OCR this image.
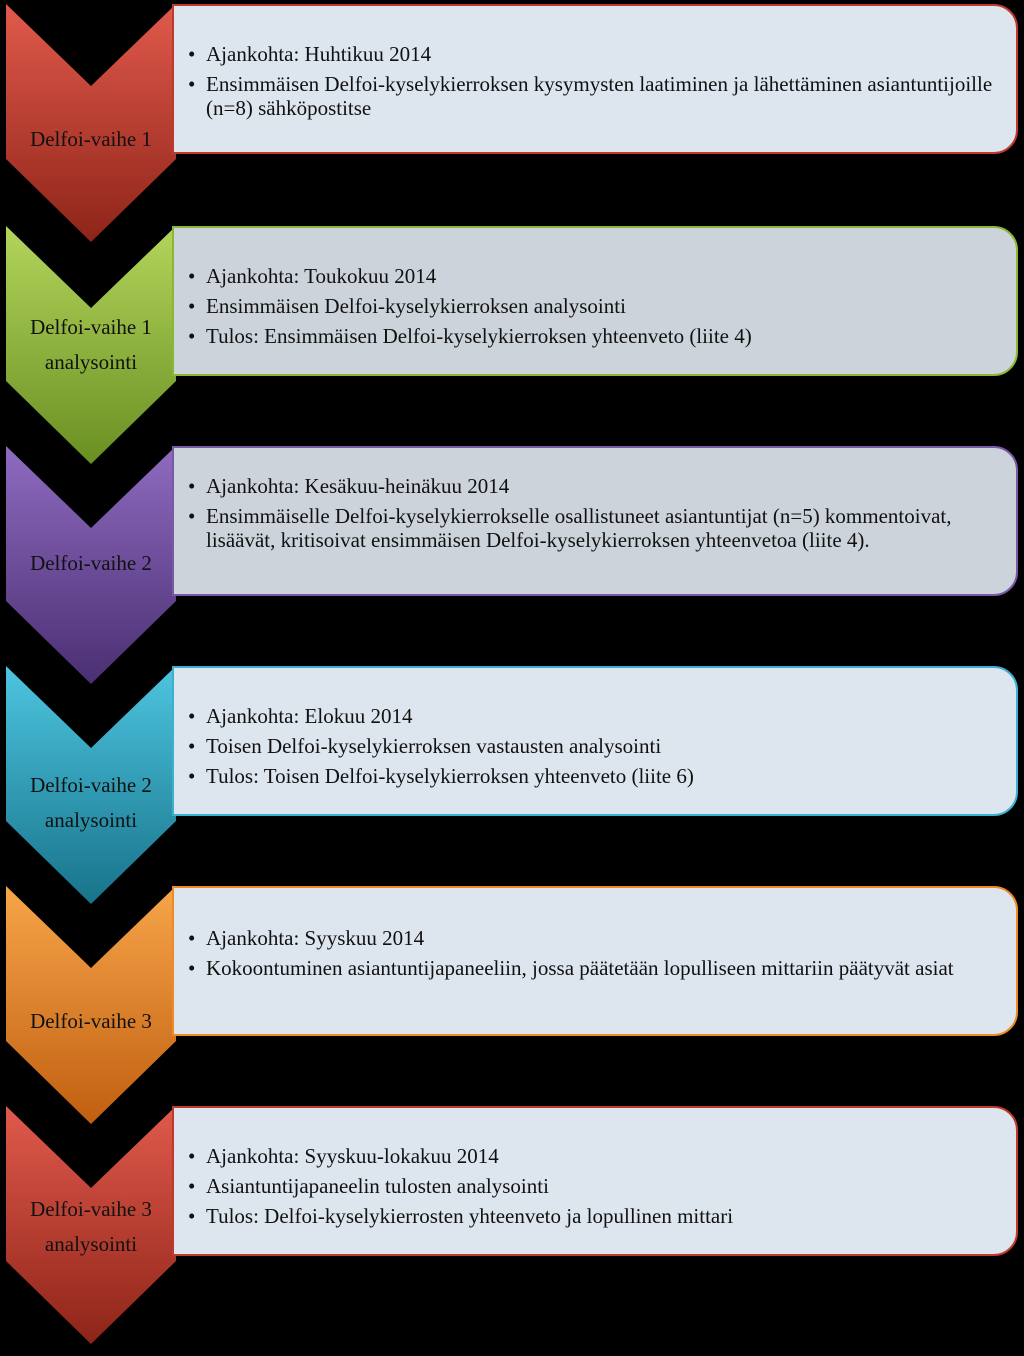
Delfoi-vaihe 1
• Ajankohta: Huhtikuu 2014
• Ensimmäisen Delfoi-kyselykierroksen kysymysten laatiminen ja lähettäminen asiantuntijoille (n=8) sähköpostitse
Delfoi-vaihe 1
analysointi
• Ajankohta: Toukokuu 2014
• Ensimmäisen Delfoi-kyselykierroksen analysointi
• Tulos: Ensimmäisen Delfoi-kyselykierroksen yhteenveto (liite 4)
Delfoi-vaihe 2
• Ajankohta: Kesäkuu-heinäkuu 2014
• Ensimmäiselle Delfoi-kyselykierrokselle osallistuneet asiantuntijat (n=5) kommentoivat, lisäävät, kritisoivat ensimmäisen Delfoi-kyselykierroksen yhteenvetoa (liite 4).
Delfoi-vaihe 2
analysointi
• Ajankohta: Elokuu 2014
• Toisen Delfoi-kyselykierroksen vastausten analysointi
• Tulos: Toisen Delfoi-kyselykierroksen yhteenveto (liite 6)
Delfoi-vaihe 3
• Ajankohta: Syyskuu 2014
• Kokoontuminen asiantuntijapaneeliin, jossa päätetään lopulliseen mittariin päätyvät asiat
Delfoi-vaihe 3
analysointi
• Ajankohta: Syyskuu-lokakuu 2014
• Asiantuntijapaneelin tulosten analysointi
• Tulos: Delfoi-kyselykierrosten yhteenveto ja lopullinen mittari
